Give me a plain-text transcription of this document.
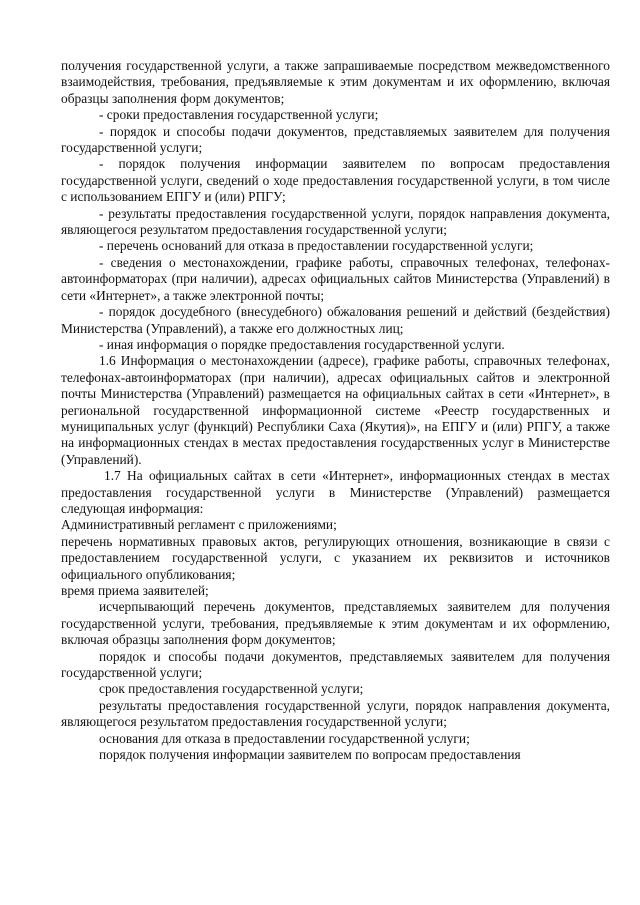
получения государственной услуги, а также запрашиваемые посредством межведомственного взаимодействия, требования, предъявляемые к этим документам и их оформлению, включая образцы заполнения форм документов;

- сроки предоставления государственной услуги;

- порядок и способы подачи документов, представляемых заявителем для получения государственной услуги;

- порядок получения информации заявителем по вопросам предоставления государственной услуги, сведений о ходе предоставления государственной услуги, в том числе с использованием ЕПГУ и (или) РПГУ;

- результаты предоставления государственной услуги, порядок направления документа, являющегося результатом предоставления государственной услуги;

- перечень оснований для отказа в предоставлении государственной услуги;

- сведения о местонахождении, графике работы, справочных телефонах, телефонах-автоинформаторах (при наличии), адресах официальных сайтов Министерства (Управлений) в сети «Интернет», а также электронной почты;

- порядок досудебного (внесудебного) обжалования решений и действий (бездействия) Министерства (Управлений), а также его должностных лиц;

- иная информация о порядке предоставления государственной услуги.

1.6 Информация о местонахождении (адресе), графике работы, справочных телефонах, телефонах-автоинформаторах (при наличии), адресах официальных сайтов и электронной почты Министерства (Управлений) размещается на официальных сайтах в сети «Интернет», в региональной государственной информационной системе «Реестр государственных и муниципальных услуг (функций) Республики Саха (Якутия)», на ЕПГУ и (или) РПГУ, а также на информационных стендах в местах предоставления государственных услуг в Министерстве (Управлений).

1.7 На официальных сайтах в сети «Интернет», информационных стендах в местах предоставления государственной услуги в Министерстве (Управлений) размещается следующая информация:

Административный регламент с приложениями;

перечень нормативных правовых актов, регулирующих отношения, возникающие в связи с предоставлением государственной услуги, с указанием их реквизитов и источников официального опубликования;

время приема заявителей;

исчерпывающий перечень документов, представляемых заявителем для получения государственной услуги, требования, предъявляемые к этим документам и их оформлению, включая образцы заполнения форм документов;

порядок и способы подачи документов, представляемых заявителем для получения государственной услуги;

срок предоставления государственной услуги;

результаты предоставления государственной услуги, порядок направления документа, являющегося результатом предоставления государственной услуги;

основания для отказа в предоставлении государственной услуги;

порядок получения информации заявителем по вопросам предоставления
